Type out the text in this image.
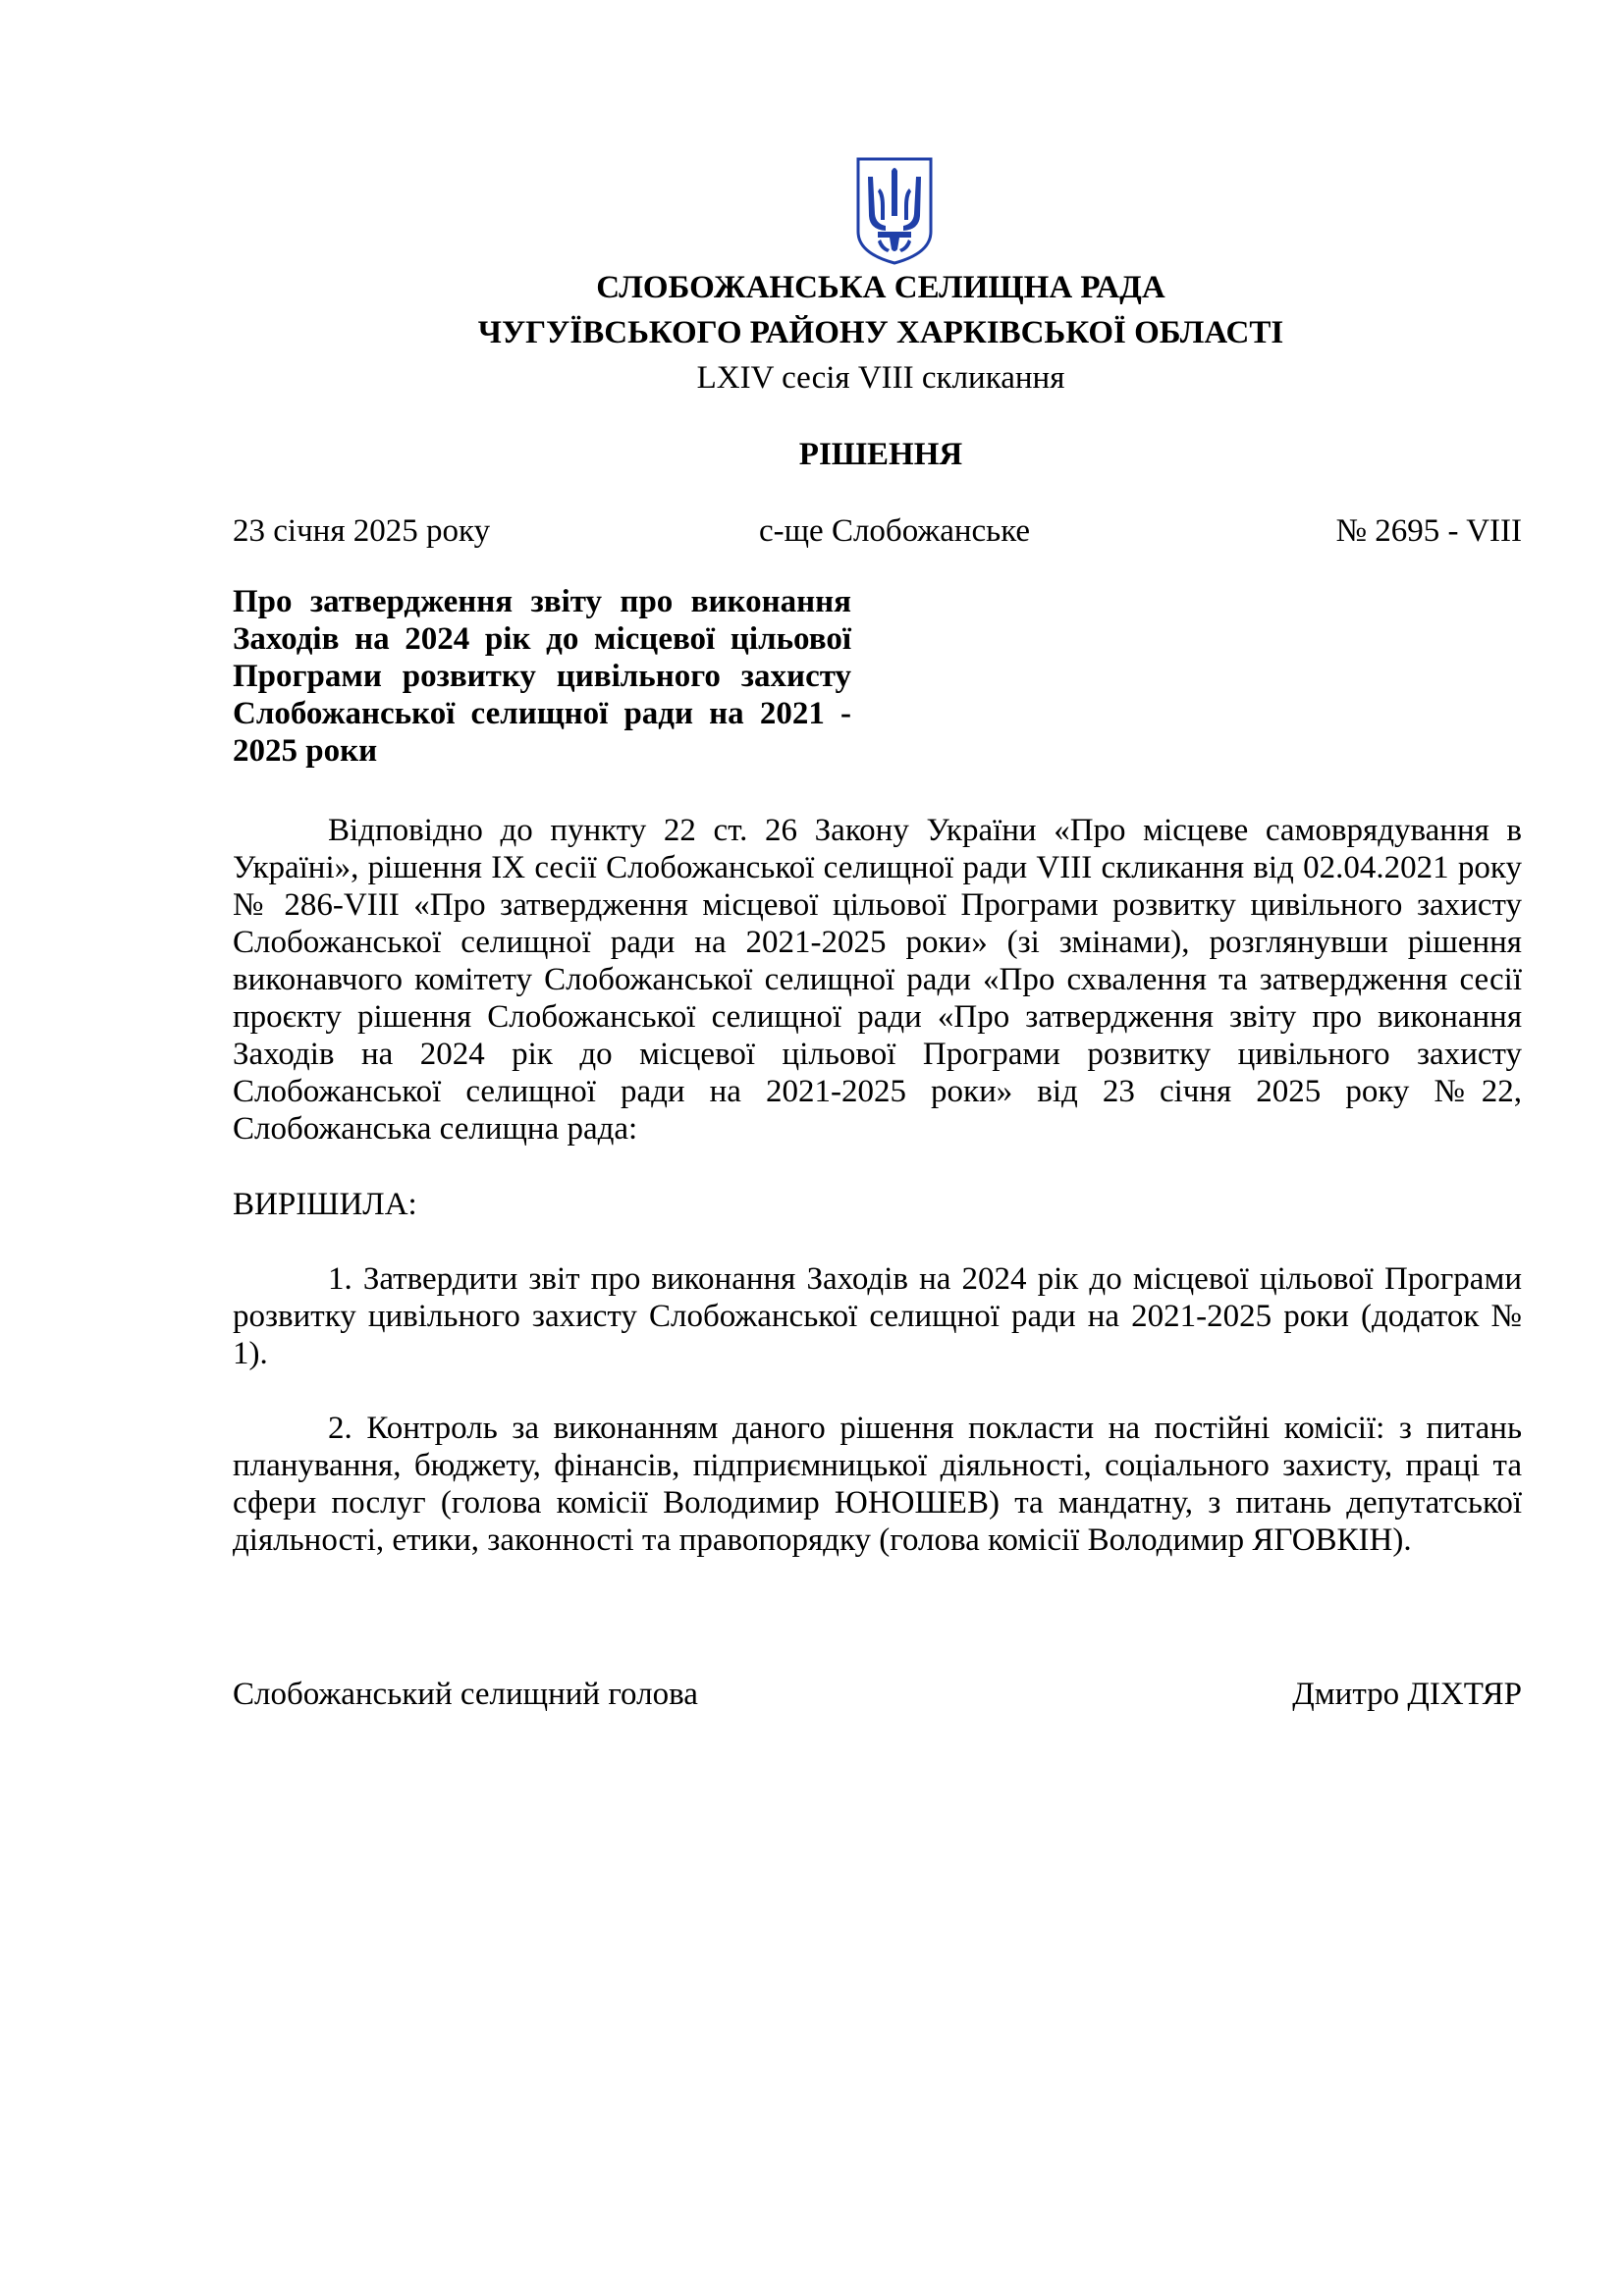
СЛОБОЖАНСЬКА СЕЛИЩНА РАДА
ЧУГУЇВСЬКОГО РАЙОНУ ХАРКІВСЬКОЇ ОБЛАСТІ
LXIV сесія VIII скликання
РІШЕННЯ
23 січня 2025 року	с-ще Слобожанське	№ 2695 - VIII
Про затвердження звіту про виконання Заходів на 2024 рік до місцевої цільової Програми розвитку цивільного захисту Слобожанської селищної ради на 2021 - 2025 роки

Відповідно до пункту 22 ст. 26 Закону України «Про місцеве самоврядування в Україні», рішення IX сесії Слобожанської селищної ради VIII скликання від 02.04.2021 року № 286-VIII «Про затвердження місцевої цільової Програми розвитку цивільного захисту Слобожанської селищної ради на 2021-2025 роки» (зі змінами), розглянувши рішення виконавчого комітету Слобожанської селищної ради «Про схвалення та затвердження сесії проєкту рішення Слобожанської селищної ради «Про затвердження звіту про виконання Заходів на 2024 рік до місцевої цільової Програми розвитку цивільного захисту Слобожанської селищної ради на 2021-2025 роки» від 23 січня 2025 року №22, Слобожанська селищна рада:

ВИРІШИЛА:

1. Затвердити звіт про виконання Заходів на 2024 рік до місцевої цільової Програми розвитку цивільного захисту Слобожанської селищної ради на 2021-2025 роки (додаток № 1).

2. Контроль за виконанням даного рішення покласти на постійні комісії: з питань планування, бюджету, фінансів, підприємницької діяльності, соціального захисту, праці та сфери послуг (голова комісії Володимир ЮНОШЕВ) та мандатну, з питань депутатської діяльності, етики, законності та правопорядку (голова комісії Володимир ЯГОВКІН).

Слобожанський селищний голова	Дмитро ДІХТЯР
